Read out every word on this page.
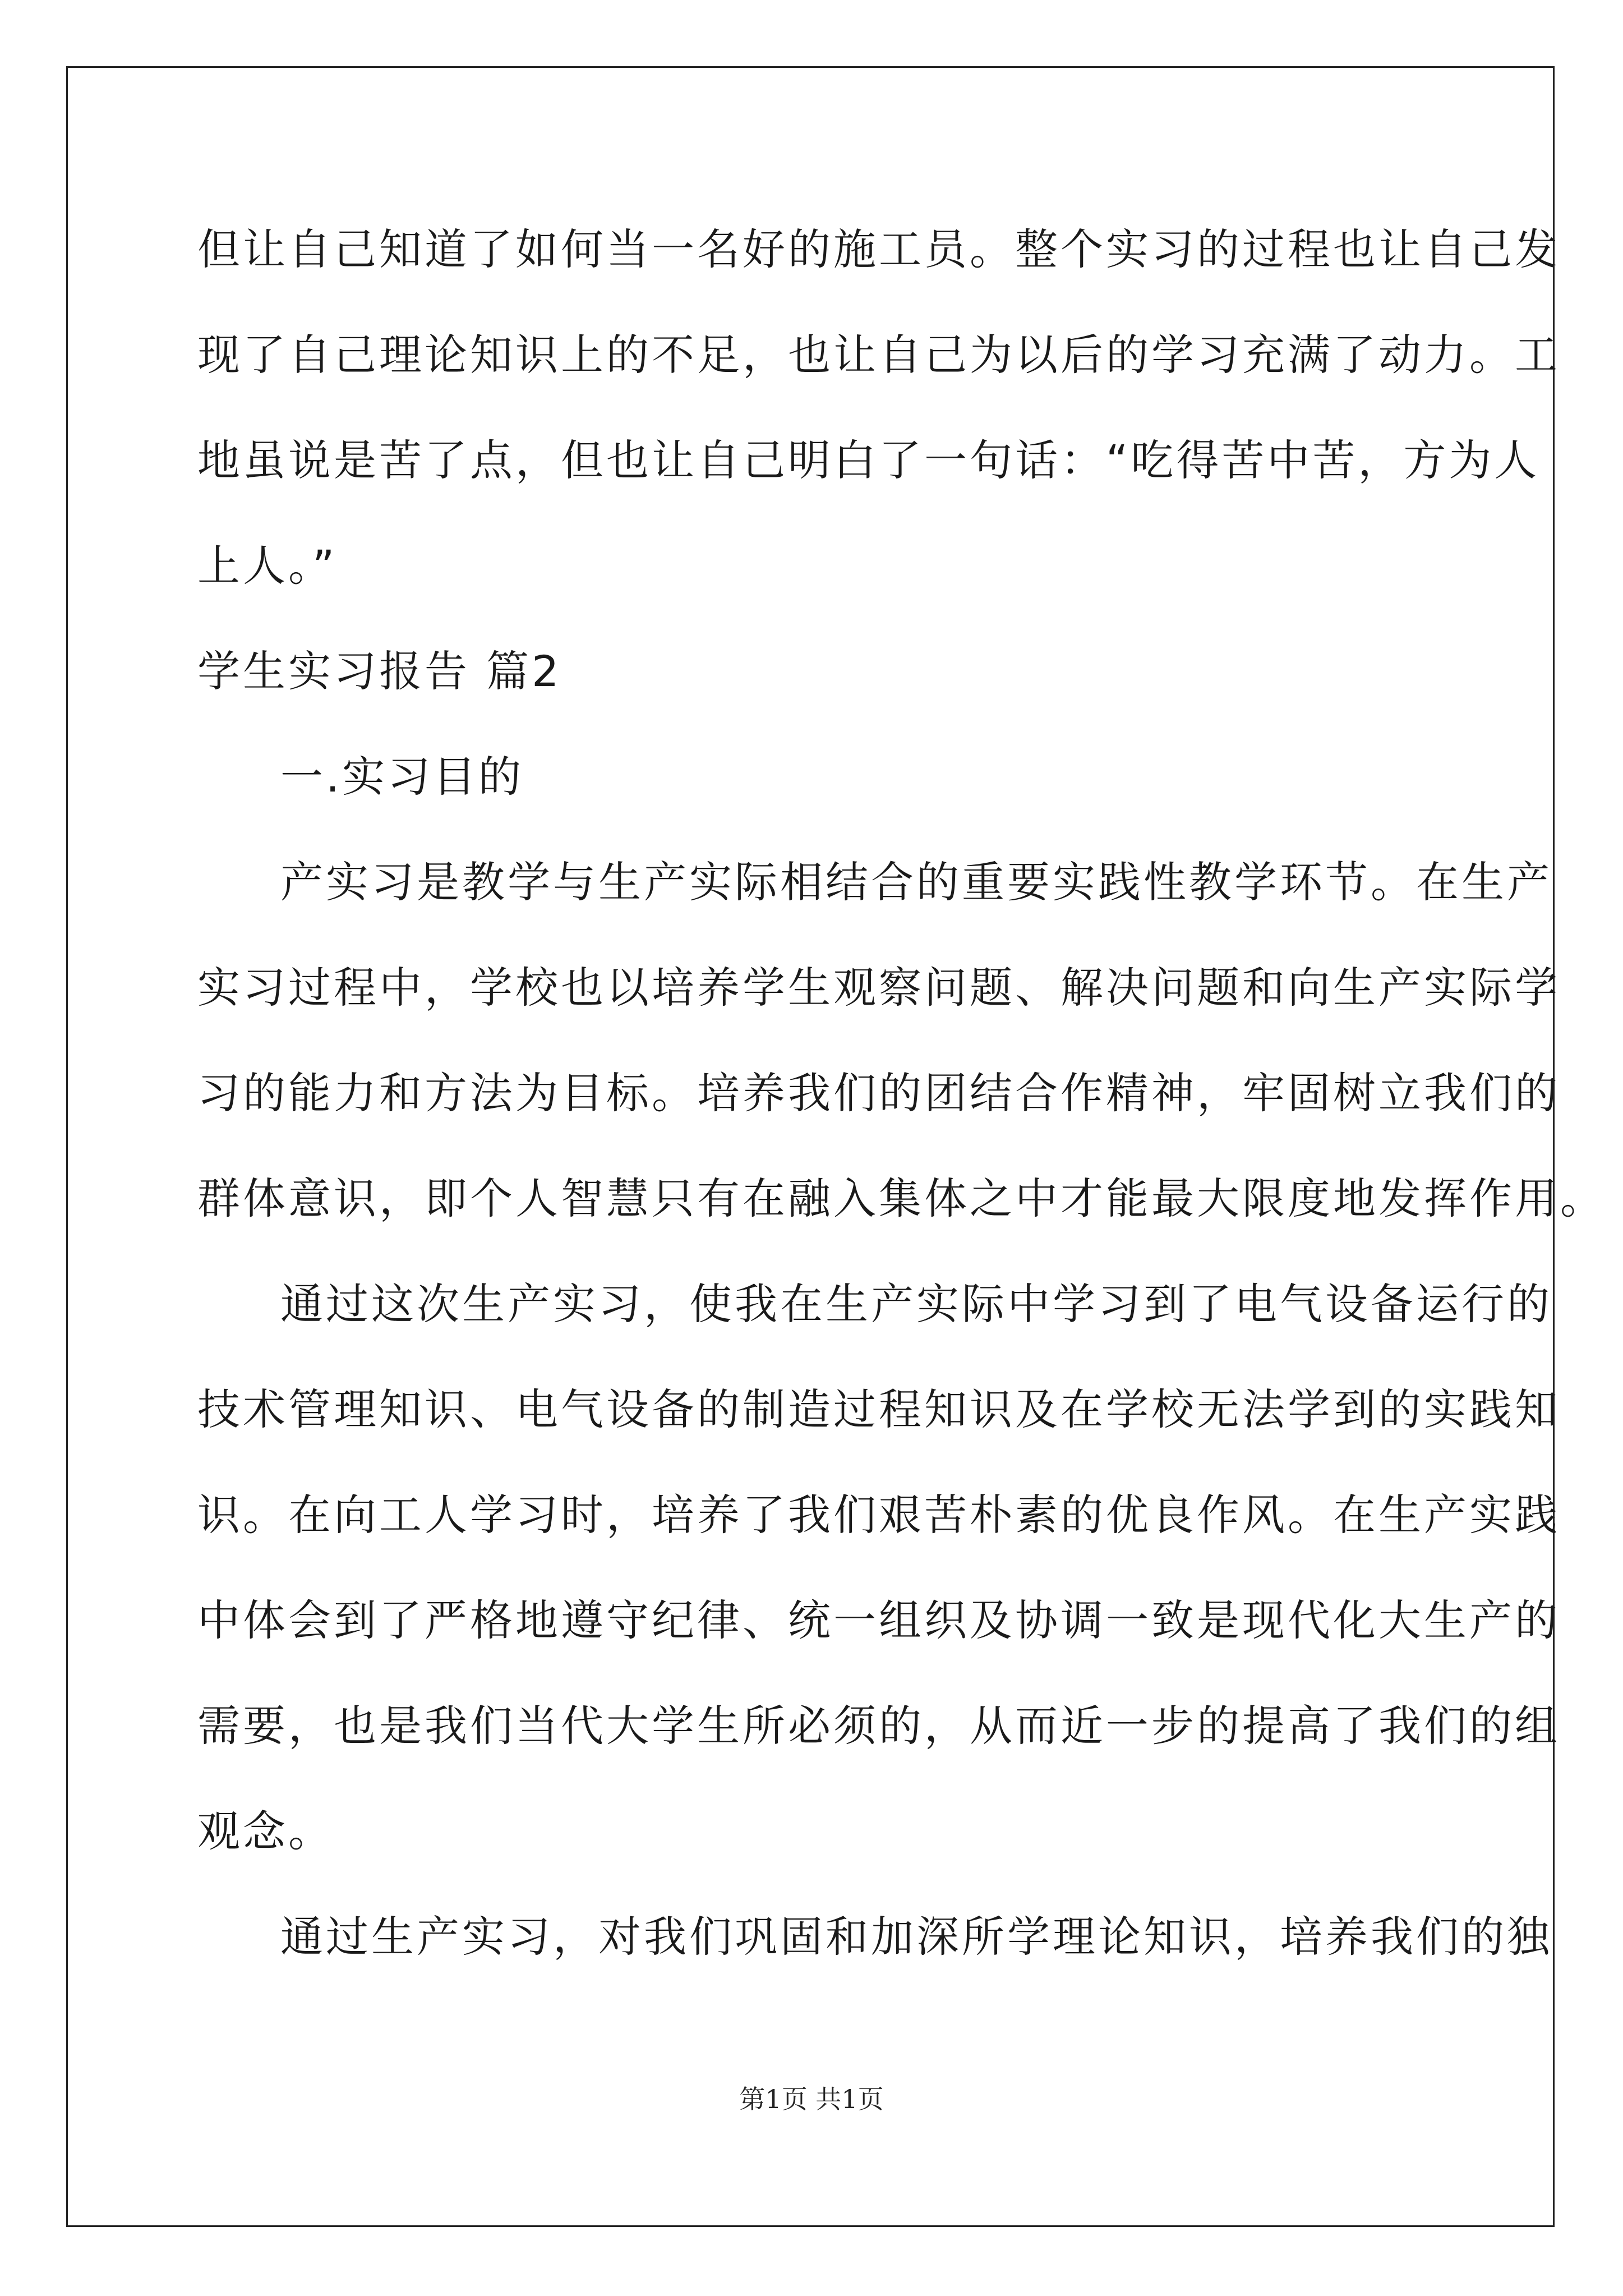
但让自己知道了如何当一名好的施工员。整个实习的过程也让自己发
现了自己理论知识上的不足，也让自己为以后的学习充满了动力。工
地虽说是苦了点，但也让自己明白了一句话：“吃得苦中苦，方为人
上人。”
学生实习报告 篇2
一.实习目的
产实习是教学与生产实际相结合的重要实践性教学环节。在生产
实习过程中，学校也以培养学生观察问题、解决问题和向生产实际学
习的能力和方法为目标。培养我们的团结合作精神，牢固树立我们的
群体意识，即个人智慧只有在融入集体之中才能最大限度地发挥作用。
通过这次生产实习，使我在生产实际中学习到了电气设备运行的
技术管理知识、电气设备的制造过程知识及在学校无法学到的实践知
识。在向工人学习时，培养了我们艰苦朴素的优良作风。在生产实践
中体会到了严格地遵守纪律、统一组织及协调一致是现代化大生产的
需要，也是我们当代大学生所必须的，从而近一步的提高了我们的组
观念。
通过生产实习，对我们巩固和加深所学理论知识，培养我们的独
第1页 共1页
